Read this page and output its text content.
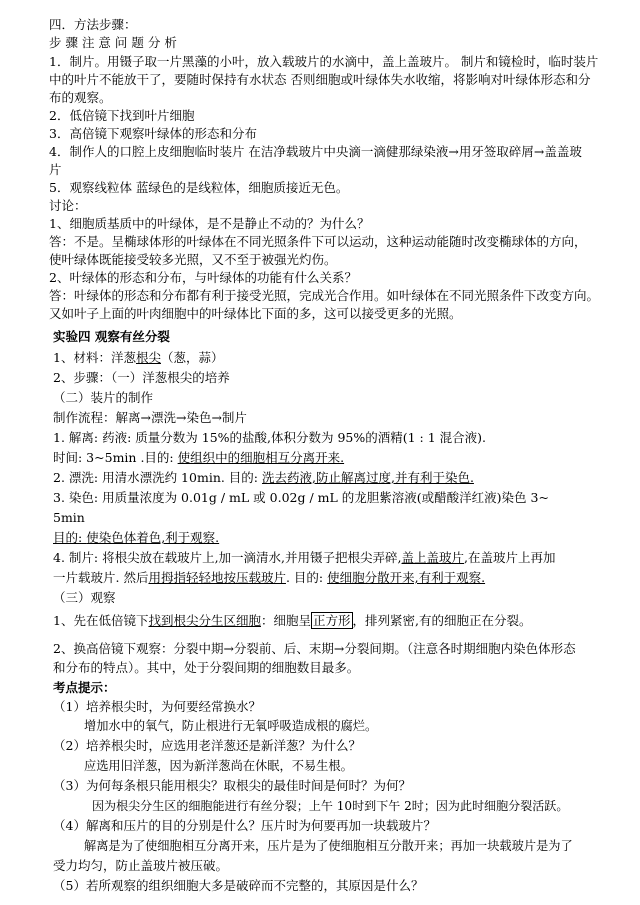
四．方法步骤：
步 骤 注 意 问 题 分 析
1．制片。用镊子取一片黑藻的小叶，放入载玻片的水滴中，盖上盖玻片。 制片和镜检时，临时装片
中的叶片不能放干了，要随时保持有水状态 否则细胞或叶绿体失水收缩，将影响对叶绿体形态和分
布的观察。
2．低倍镜下找到叶片细胞
3．高倍镜下观察叶绿体的形态和分布
4．制作人的口腔上皮细胞临时装片 在洁净载玻片中央滴一滴健那绿染液→用牙签取碎屑→盖盖玻
片
5．观察线粒体 蓝绿色的是线粒体，细胞质接近无色。
讨论：
1、细胞质基质中的叶绿体，是不是静止不动的？为什么？
答：不是。呈椭球体形的叶绿体在不同光照条件下可以运动，这种运动能随时改变椭球体的方向，
使叶绿体既能接受较多光照，又不至于被强光灼伤。
2、叶绿体的形态和分布，与叶绿体的功能有什么关系？
答：叶绿体的形态和分布都有利于接受光照，完成光合作用。如叶绿体在不同光照条件下改变方向。
又如叶子上面的叶肉细胞中的叶绿体比下面的多，这可以接受更多的光照。
实验四 观察有丝分裂
1、材料：洋葱根尖（葱，蒜）
2、步骤：（一）洋葱根尖的培养
（二）装片的制作
制作流程：解离→漂洗→染色→制片
1. 解离: 药液: 质量分数为 15%的盐酸,体积分数为 95%的酒精(1 : 1 混合液).
时间: 3~5min .目的: 使组织中的细胞相互分离开来.
2. 漂洗: 用清水漂洗约 10min. 目的: 洗去药液,防止解离过度,并有利于染色.
3. 染色: 用质量浓度为 0.01g / mL 或 0.02g / mL 的龙胆紫溶液(或醋酸洋红液)染色 3~
5min
目的: 使染色体着色,利于观察.
4. 制片: 将根尖放在载玻片上,加一滴清水,并用镊子把根尖弄碎,盖上盖玻片,在盖玻片上再加
一片载玻片. 然后用拇指轻轻地按压载玻片. 目的: 使细胞分散开来,有利于观察.
（三）观察
1、先在低倍镜下找到根尖分生区细胞：细胞呈 正方形 ，排列紧密,有的细胞正在分裂。
2、换高倍镜下观察：分裂中期→分裂前、后、末期→分裂间期。（注意各时期细胞内染色体形态
和分布的特点）。其中，处于分裂间期的细胞数目最多。
考点提示：
（1）培养根尖时，为何要经常换水？
增加水中的氧气，防止根进行无氧呼吸造成根的腐烂。
（2）培养根尖时，应选用老洋葱还是新洋葱？为什么？
应选用旧洋葱，因为新洋葱尚在休眠，不易生根。
（3）为何每条根只能用根尖？取根尖的最佳时间是何时？为何？
因为根尖分生区的细胞能进行有丝分裂；上午 10时到下午 2时；因为此时细胞分裂活跃。
（4）解离和压片的目的分别是什么？压片时为何要再加一块载玻片？
解离是为了使细胞相互分离开来，压片是为了使细胞相互分散开来；再加一块载玻片是为了
受力均匀，防止盖玻片被压破。
（5）若所观察的组织细胞大多是破碎而不完整的，其原因是什么？
